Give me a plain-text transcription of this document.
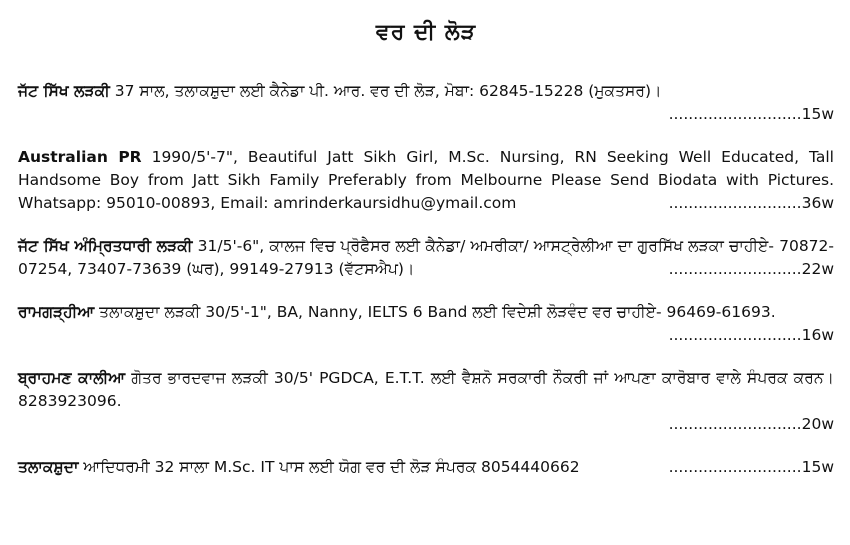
ਵਰ ਦੀ ਲੋੜ
ਜੱਟ ਸਿੱਖ ਲੜਕੀ 37 ਸਾਲ, ਤਲਾਕਸ਼ੁਦਾ ਲਈ ਕੈਨੇਡਾ ਪੀ. ਆਰ. ਵਰ ਦੀ ਲੋੜ, ਮੋਬਾ: 62845-15228 (ਮੁਕਤਸਰ)।
...........................15w
Australian PR 1990/5'-7", Beautiful Jatt Sikh Girl, M.Sc. Nursing, RN Seeking Well Educated, Tall Handsome Boy from Jatt Sikh Family Preferably from Melbourne Please Send Biodata with Pictures. Whatsapp: 95010-00893, Email: amrinderkaursidhu@ymail.com	...........................36w
ਜੱਟ ਸਿੱਖ ਅੰਮ੍ਰਿਤਧਾਰੀ ਲੜਕੀ 31/5'-6", ਕਾਲਜ ਵਿਚ ਪ੍ਰੋਫੈਸਰ ਲਈ ਕੈਨੇਡਾ/ ਅਮਰੀਕਾ/ ਆਸਟ੍ਰੇਲੀਆ ਦਾ ਗੁਰਸਿੱਖ ਲੜਕਾ ਚਾਹੀਏ- 70872-07254, 73407-73639 (ਘਰ), 99149-27913 (ਵੱਟਸਐਪ)।	...........................22w
ਰਾਮਗੜ੍ਹੀਆ ਤਲਾਕਸ਼ੁਦਾ ਲੜਕੀ 30/5'-1", BA, Nanny, IELTS 6 Band ਲਈ ਵਿਦੇਸ਼ੀ ਲੋੜਵੰਦ ਵਰ ਚਾਹੀਏ- 96469-61693.
...........................16w
ਬ੍ਰਾਹਮਣ ਕਾਲੀਆ ਗੋਤਰ ਭਾਰਦਵਾਜ ਲੜਕੀ 30/5' PGDCA, E.T.T. ਲਈ ਵੈਸ਼ਨੋ ਸਰਕਾਰੀ ਨੌਕਰੀ ਜਾਂ ਆਪਣਾ ਕਾਰੋਬਾਰ ਵਾਲੇ ਸੰਪਰਕ ਕਰਨ। 8283923096.
...........................20w
ਤਲਾਕਸ਼ੁਦਾ ਆਦਿਧਰਮੀ 32 ਸਾਲਾ M.Sc. IT ਪਾਸ ਲਈ ਯੋਗ ਵਰ ਦੀ ਲੋੜ ਸੰਪਰਕ 8054440662	...........................15w
